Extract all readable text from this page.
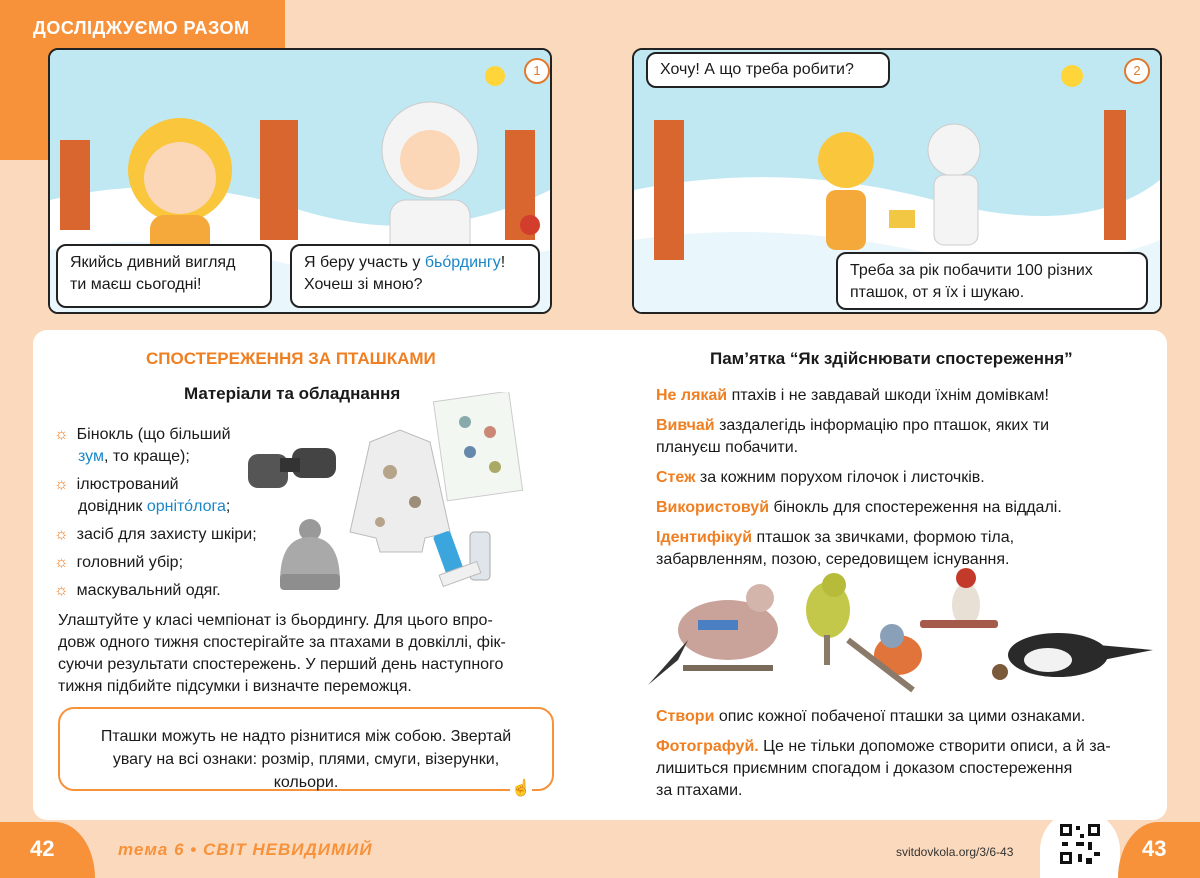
ДОСЛІДЖУЄМО РАЗОМ
1
Якийсь дивний вигляд
ти маєш сьогодні!
Я беру участь у бьо́рдингу!
Хочеш зі мною?
2
Хочу! А що треба робити?
Треба за рік побачити 100 різних
пташок, от я їх і шукаю.
СПОСТЕРЕЖЕННЯ ЗА ПТАШКАМИ
Матеріали та обладнання
☼ Бінокль (що більший
зум, то краще);
☼ ілюстрований
довідник орніто́лога;
☼ засіб для захисту шкіри;
☼ головний убір;
☼ маскувальний одяг.
Улаштуйте у класі чемпіонат із бьордингу. Для цього впро-
довж одного тижня спостерігайте за птахами в довкіллі, фік-
суючи результати спостережень. У перший день наступного
тижня підбийте підсумки і визначте переможця.
Пташки можуть не надто різнитися між собою. Звертай
увагу на всі ознаки: розмір, плями, смуги, візерунки, кольори.	☝
Пам’ятка “Як здійснювати спостереження”

Не лякай птахів і не завдавай шкоди їхнім домівкам!

Вивчай заздалегідь інформацію про пташок, яких ти
плануєш побачити.

Стеж за кожним порухом гілочок і листочків.

Використовуй бінокль для спостереження на віддалі.

Ідентифікуй пташок за звичками, формою тіла,
забарвленням, позою, середовищем існування.

Створи опис кожної побаченої пташки за цими ознаками.

Фотографуй. Це не тільки допоможе створити описи, а й за-
лишиться приємним спогадом і доказом спостереження
за птахами.

42	тема 6 • СВІТ НЕВИДИМИЙ	svitdovkola.org/3/6-43	43
